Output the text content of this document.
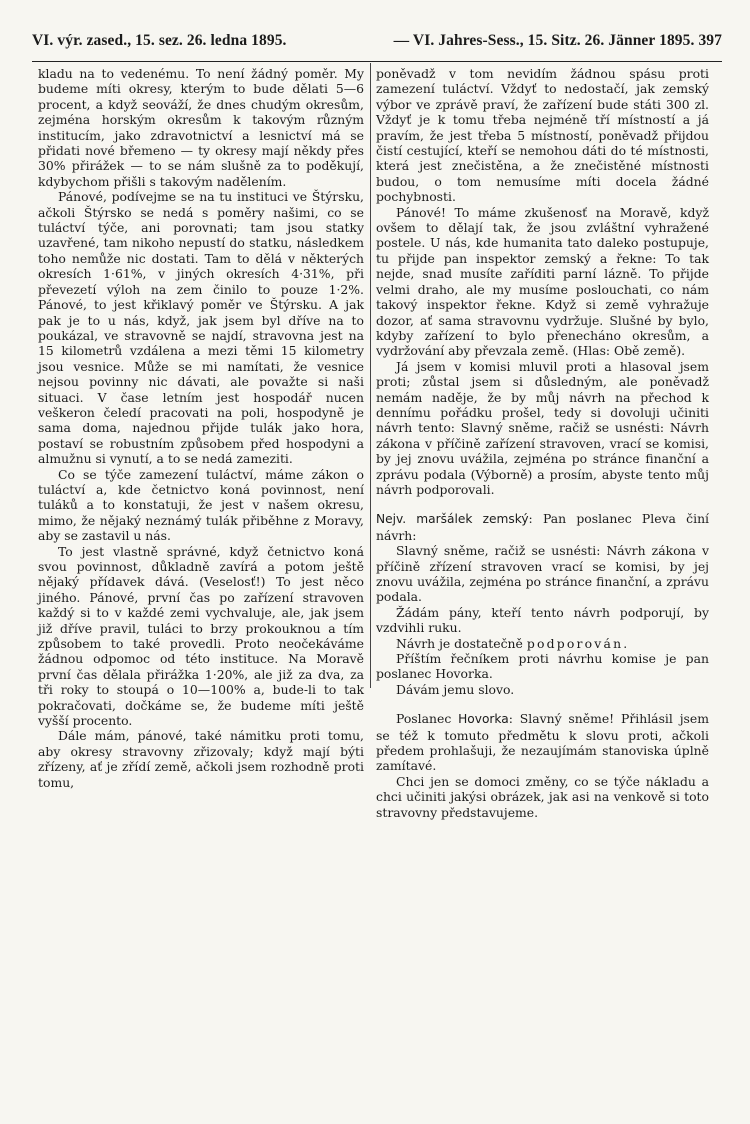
VI. výr. zased., 15. sez. 26. ledna 1895.	— VI. Jahres-Sess., 15. Sitz. 26. Jänner 1895. 397

kladu na to vedenému. To není žádný poměr. My budeme míti okresy, kterým to bude dělati 5—6 procent, a když seováží, že dnes chudým okresům, zejména horským okresům k takovým různým institucím, jako zdravotnictví a lesnictví má se přidati nové břemeno — ty okresy mají někdy přes 30% přirážek — to se nám slušně za to poděkují, kdybychom přišli s takovým nadělením.

Pánové, podívejme se na tu instituci ve Štýrsku, ačkoli Štýrsko se nedá s poměry našimi, co se tuláctví týče, ani porovnati; tam jsou statky uzavřené, tam nikoho nepustí do statku, následkem toho nemůže nic dostati. Tam to dělá v některých okresích 1·61%, v jiných okresích 4·31%, při převezetí výloh na zem činilo to pouze 1·2%. Pánové, to jest křiklavý poměr ve Štýrsku. A jak pak je to u nás, když, jak jsem byl dříve na to poukázal, ve stravovně se najdí, stravovna jest na 15 kilometrů vzdálena a mezi těmi 15 kilometry jsou vesnice. Může se mi namítati, že vesnice nejsou povinny nic dávati, ale považte si naši situaci. V čase letním jest hospodář nucen veškeron čeledí pracovati na poli, hospodyně je sama doma, najednou přijde tulák jako hora, postaví se robustním způsobem před hospodyni a almužnu si vynutí, a to se nedá zameziti.

Co se týče zamezení tuláctví, máme zákon o tuláctví a, kde četnictvo koná povinnost, není tuláků a to konstatuji, že jest v našem okresu, mimo, že nějaký neznámý tulák přiběhne z Moravy, aby se zastavil u nás.

To jest vlastně správné, když četnictvo koná svou povinnost, důkladně zavírá a potom ještě nějaký přídavek dává. (Veselosť!) To jest něco jiného. Pánové, první čas po zařízení stravoven každý si to v každé zemi vychvaluje, ale, jak jsem již dříve pravil, tuláci to brzy prokouknou a tím způsobem to také provedli. Proto neočekáváme žádnou odpomoc od této instituce. Na Moravě první čas dělala přirážka 1·20%, ale již za dva, za tři roky to stoupá o 10—100% a, bude-li to tak pokračovati, dočkáme se, že budeme míti ještě vyšší procento.

Dále mám, pánové, také námitku proti tomu, aby okresy stravovny zřizovaly; když mají býti zřízeny, ať je zřídí země, ačkoli jsem rozhodně proti tomu,

poněvadž v tom nevidím žádnou spásu proti zamezení tuláctví. Vždyť to nedostačí, jak zemský výbor ve zprávě praví, že zařízení bude státi 300 zl. Vždyť je k tomu třeba nejméně tří místností a já pravím, že jest třeba 5 místností, poněvadž přijdou čistí cestující, kteří se nemohou dáti do té místnosti, která jest znečistěna, a že znečistěné místnosti budou, o tom nemusíme míti docela žádné pochybnosti.

Pánové! To máme zkušenosť na Moravě, když ovšem to dělají tak, že jsou zvláštní vyhražené postele. U nás, kde humanita tato daleko postupuje, tu přijde pan inspektor zemský a řekne: To tak nejde, snad musíte zaříditi parní lázně. To přijde velmi draho, ale my musíme poslouchati, co nám takový inspektor řekne. Když si země vyhražuje dozor, ať sama stravovnu vydržuje. Slušné by bylo, kdyby zařízení to bylo přenecháno okresům, a vydržování aby převzala země. (Hlas: Obě země).

Já jsem v komisi mluvil proti a hlasoval jsem proti; zůstal jsem si důsledným, ale poněvadž nemám naděje, že by můj návrh na přechod k dennímu pořádku prošel, tedy si dovoluji učiniti návrh tento: Slavný sněme, račiž se usnésti: Návrh zákona v příčině zařízení stravoven, vrací se komisi, by jej znovu uvážila, zejména po stránce finanční a zprávu podala (Výborně) a prosím, abyste tento můj návrh podporovali.

Nejv. maršálek zemský: Pan poslanec Pleva činí návrh:

Slavný sněme, račiž se usnésti: Návrh zákona v příčině zřízení stravoven vrací se komisi, by jej znovu uvážila, zejména po stránce finanční, a zprávu podala.

Žádám pány, kteří tento návrh podporují, by vzdvihli ruku.

Návrh je dostatečně podporován.

Příštím řečníkem proti návrhu komise je pan poslanec Hovorka.

Dávám jemu slovo.

Poslanec Hovorka: Slavný sněme! Přihlásil jsem se též k tomuto předmětu k slovu proti, ačkoli předem prohlašuji, že nezaujímám stanoviska úplně zamítavé.

Chci jen se domoci změny, co se týče nákladu a chci učiniti jakýsi obrázek, jak asi na venkově si toto stravovny představujeme.
